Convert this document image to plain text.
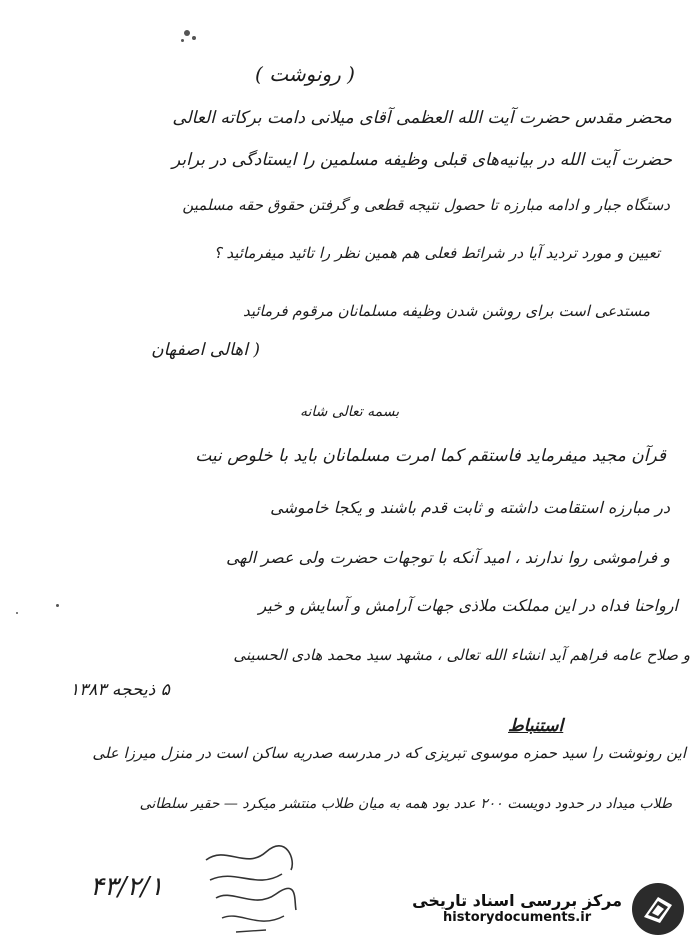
( رونوشت )
محضر مقدس حضرت آیت الله العظمی آقای میلانی دامت برکاته العالی
حضرت آیت الله در بیانیه‌های قبلی وظیفه مسلمین را ایستادگی در برابر
دستگاه جبار و ادامه مبارزه تا حصول نتیجه قطعی و گرفتن حقوق حقه مسلمین
تعیین و مورد تردید آیا در شرائط فعلی هم همین نظر را تائید میفرمائید ؟
مستدعی است برای روشن شدن وظیفه مسلمانان مرقوم فرمائید
( اهالی اصفهان
بسمه تعالی شانه
قرآن مجید میفرماید فاستقم کما امرت مسلمانان باید با خلوص نیت
در مبارزه استقامت داشته و ثابت قدم باشند و یکجا خاموشی
و فراموشی روا ندارند ، امید آنکه با توجهات حضرت ولی عصر الهی
ارواحنا فداه در این مملکت ملاذی جهات آرامش و آسایش و خیر
و صلاح عامه فراهم آید انشاء الله تعالی ، مشهد سید محمد هادی الحسینی
۵ ذیحجه ۱۳۸۳
استنباط
این رونوشت را سید حمزه موسوی تبریزی که در مدرسه صدریه ساکن است در منزل میرزا علی
طلاب میداد در حدود دویست ۲۰۰ عدد بود همه به میان طلاب منتشر میکرد — حقیر سلطانی
۴۳/۲/۱	مرکز بررسی اسناد تاریخی
historydocuments.ir
